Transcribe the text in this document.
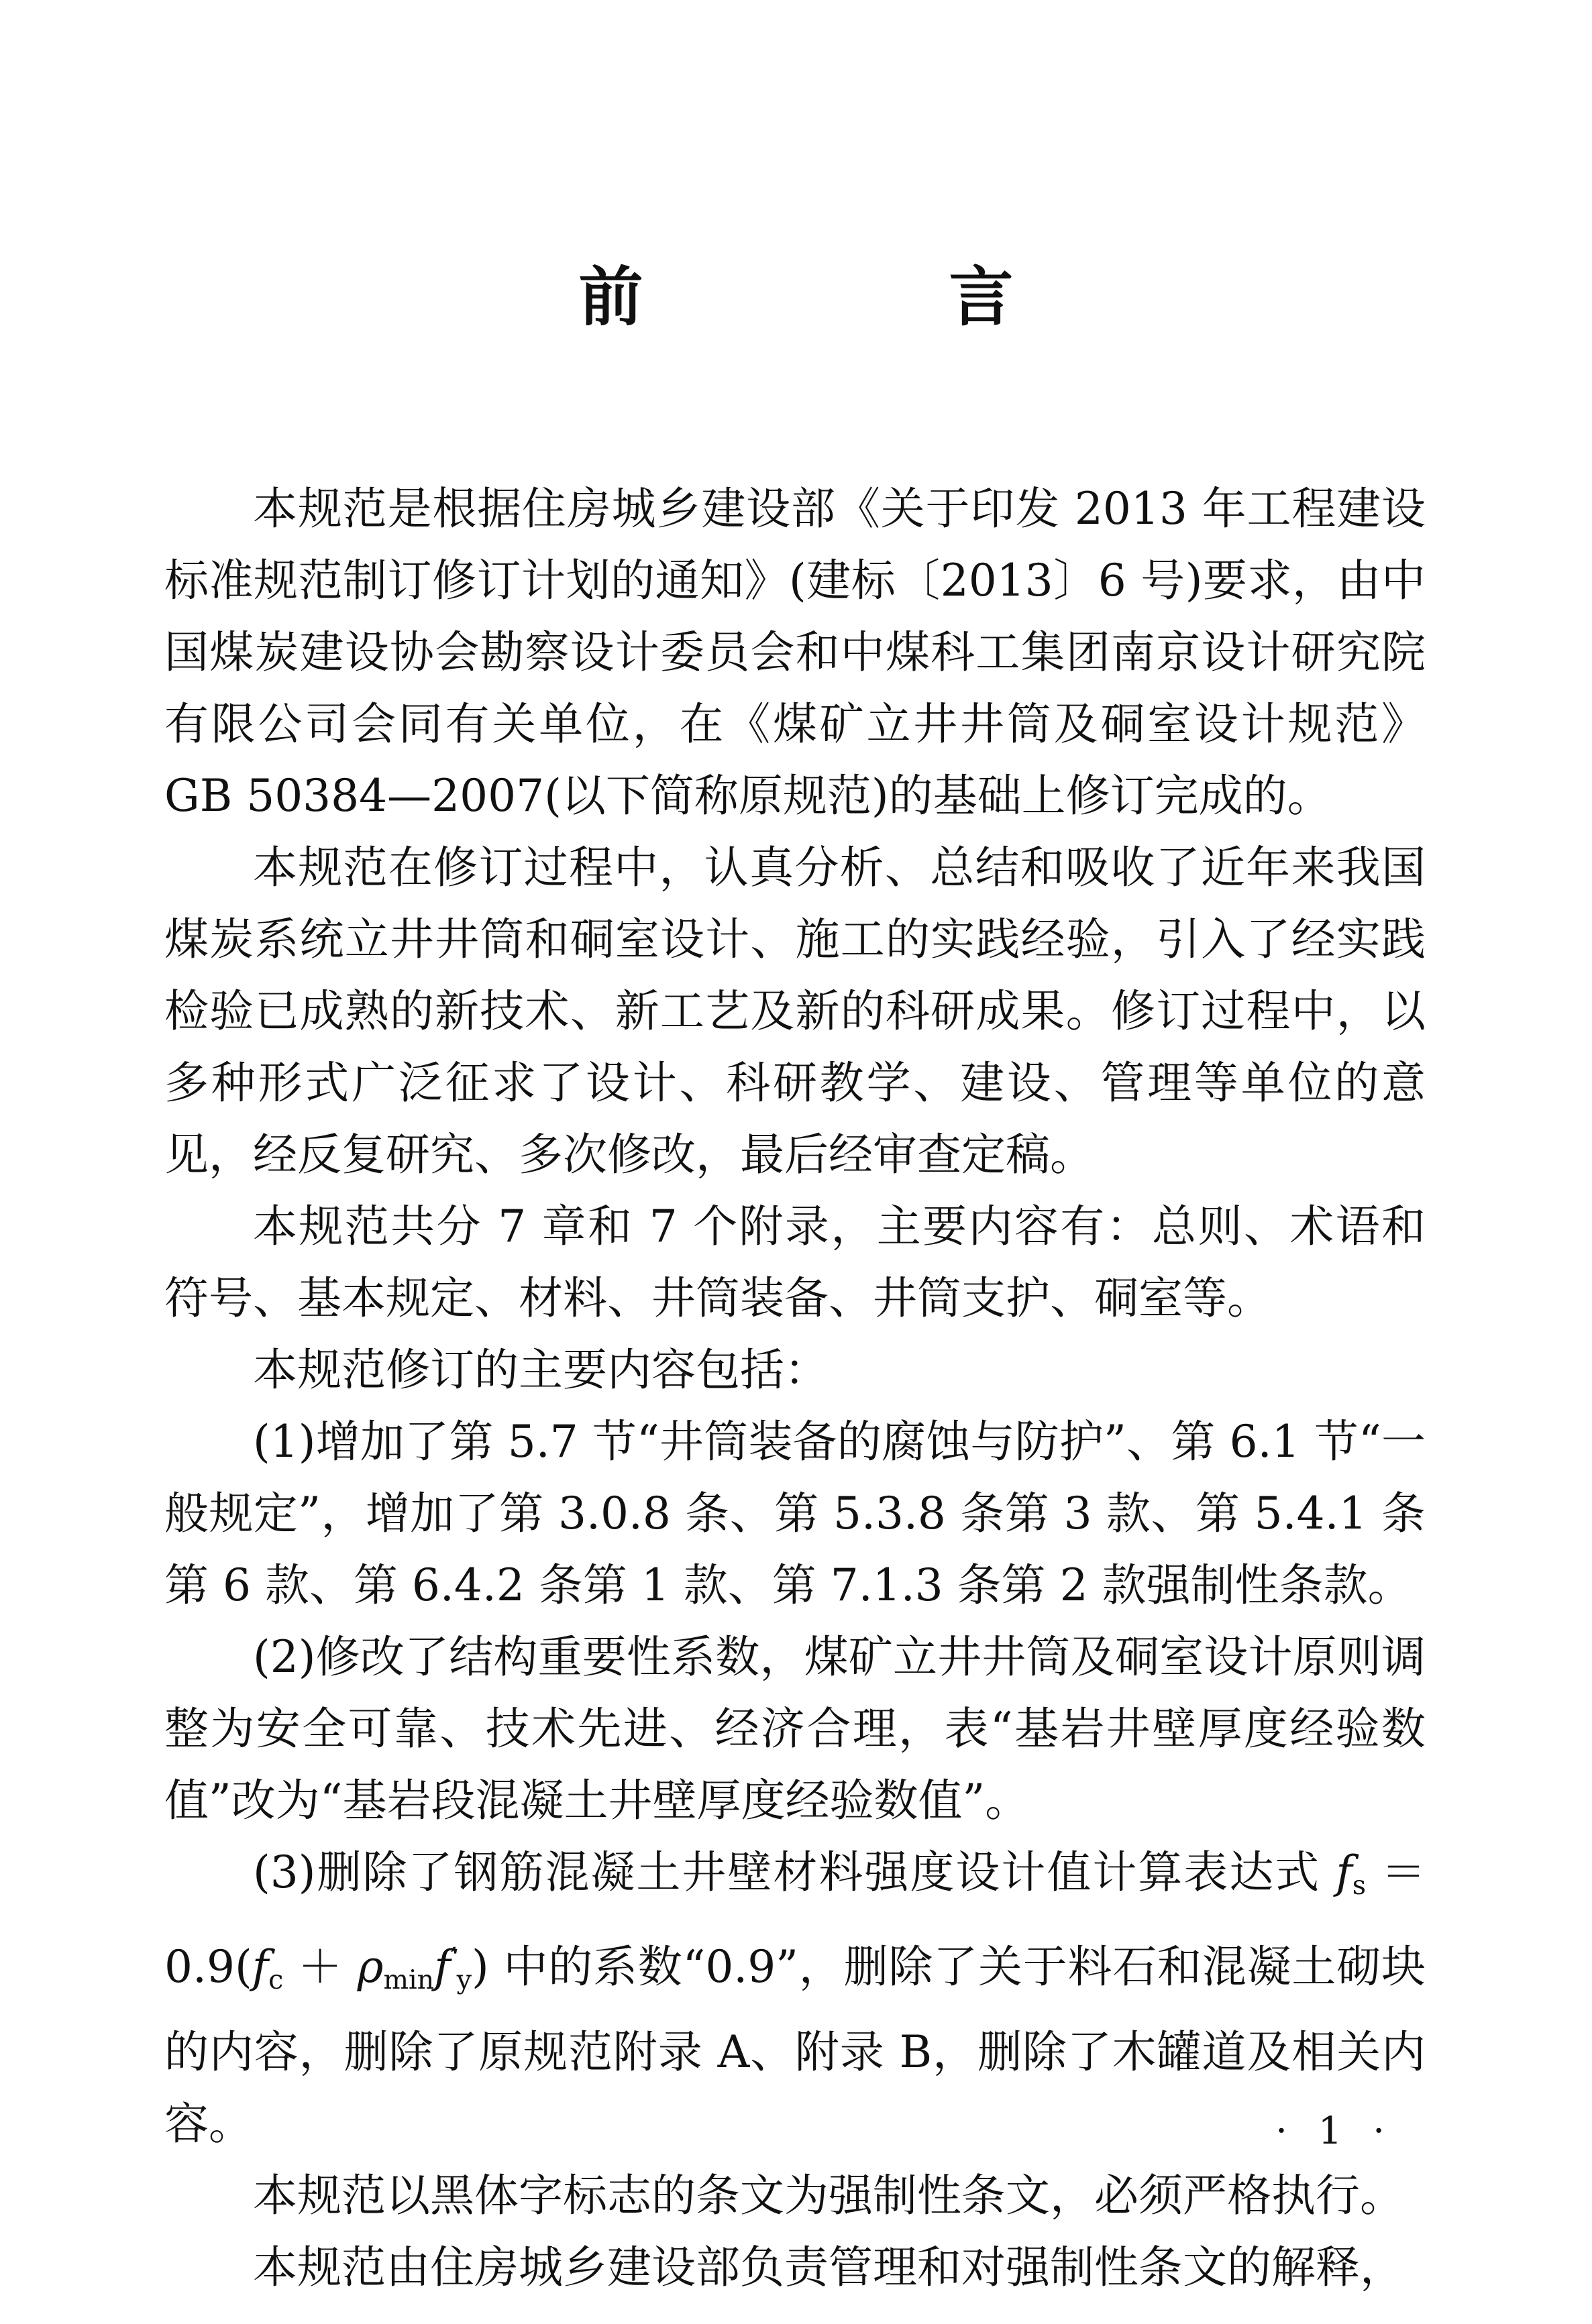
前　言

本规范是根据住房城乡建设部《关于印发 2013 年工程建设标准规范制订修订计划的通知》(建标〔2013〕6 号)要求，由中国煤炭建设协会勘察设计委员会和中煤科工集团南京设计研究院有限公司会同有关单位，在《煤矿立井井筒及硐室设计规范》GB 50384—2007(以下简称原规范)的基础上修订完成的。

本规范在修订过程中，认真分析、总结和吸收了近年来我国煤炭系统立井井筒和硐室设计、施工的实践经验，引入了经实践检验已成熟的新技术、新工艺及新的科研成果。修订过程中，以多种形式广泛征求了设计、科研教学、建设、管理等单位的意见，经反复研究、多次修改，最后经审查定稿。

本规范共分 7 章和 7 个附录，主要内容有：总则、术语和符号、基本规定、材料、井筒装备、井筒支护、硐室等。

本规范修订的主要内容包括：

(1)增加了第 5.7 节“井筒装备的腐蚀与防护”、第 6.1 节“一般规定”，增加了第 3.0.8 条、第 5.3.8 条第 3 款、第 5.4.1 条第 6 款、第 6.4.2 条第 1 款、第 7.1.3 条第 2 款强制性条款。

(2)修改了结构重要性系数，煤矿立井井筒及硐室设计原则调整为安全可靠、技术先进、经济合理，表“基岩井壁厚度经验数值”改为“基岩段混凝土井壁厚度经验数值”。

(3)删除了钢筋混凝土井壁材料强度设计值计算表达式 $f_s = 0.9(f_c + \rho_{min}f'_y)$ 中的系数“0.9”，删除了关于料石和混凝土砌块的内容，删除了原规范附录 A、附录 B，删除了木罐道及相关内容。

本规范以黑体字标志的条文为强制性条文，必须严格执行。

本规范由住房城乡建设部负责管理和对强制性条文的解释，

· 1 ·
